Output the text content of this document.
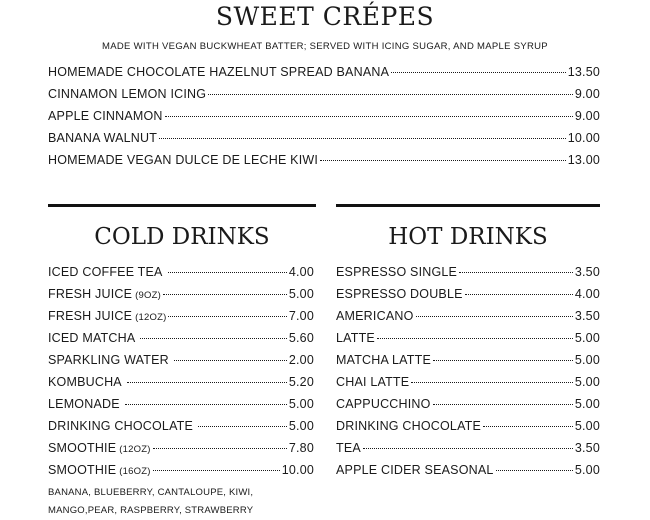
SWEET CRÉPES
MADE WITH VEGAN BUCKWHEAT BATTER; SERVED WITH ICING SUGAR, AND MAPLE SYRUP
HOMEMADE CHOCOLATE HAZELNUT SPREAD BANANA	13.50
CINNAMON LEMON ICING	9.00
APPLE CINNAMON	9.00
BANANA WALNUT	10.00
HOMEMADE VEGAN DULCE DE LECHE KIWI	13.00
COLD DRINKS	HOT DRINKS
ICED COFFEE TEA	4.00
FRESH JUICE (9OZ)	5.00
FRESH JUICE (12OZ)	7.00
ICED MATCHA	5.60
SPARKLING WATER	2.00
KOMBUCHA	5.20
LEMONADE	5.00
DRINKING CHOCOLATE	5.00
SMOOTHIE (12OZ)	7.80
SMOOTHIE (16OZ)	10.00
BANANA, BLUEBERRY, CANTALOUPE, KIWI,
MANGO,PEAR, RASPBERRY, STRAWBERRY
ESPRESSO SINGLE	3.50
ESPRESSO DOUBLE	4.00
AMERICANO	3.50
LATTE	5.00
MATCHA LATTE	5.00
CHAI LATTE	5.00
CAPPUCCHINO	5.00
DRINKING CHOCOLATE	5.00
TEA	3.50
APPLE CIDER SEASONAL	5.00
